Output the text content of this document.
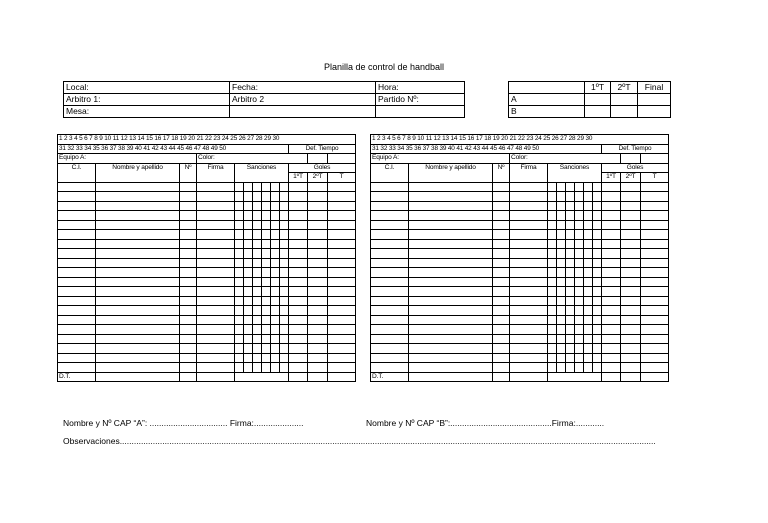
Planilla de control de handball
Local:	Fecha:	Hora:
Arbitro 1:	Arbitro 2	Partido Nº:
Mesa:		
	1ºT	2ºT	Final
A			
B			
1 2 3 4 5 6 7 8 9 10 11 12 13 14 15 16 17 18 19 20 21 22 23 24 25 26 27 28 29 30												
31 32 33 34 35 36 37 38 39 40 41 42 43 44 45 46 47 48 49 50										Def. Tiempo		
Equipo A:			Color:									
C.I.	Nombre y apellido	Nº	Firma	Sanciones						Goles		
										1ºT	2ºT	T

D.T.												
1 2 3 4 5 6 7 8 9 10 11 12 13 14 15 16 17 18 19 20 21 22 23 24 25 26 27 28 29 30												
31 32 33 34 35 36 37 38 39 40 41 42 43 44 45 46 47 48 49 50										Def. Tiempo		
Equipo A:			Color:									
C.I.	Nombre y apellido	Nº	Firma	Sanciones						Goles		
										1ºT	2ºT	T

D.T.												
Nombre y Nº CAP “A”: ................................. Firma:.....................	Nombre y Nº CAP “B”:...........................................Firma:............
Observaciones...................................................................................................................................................................................................................................
